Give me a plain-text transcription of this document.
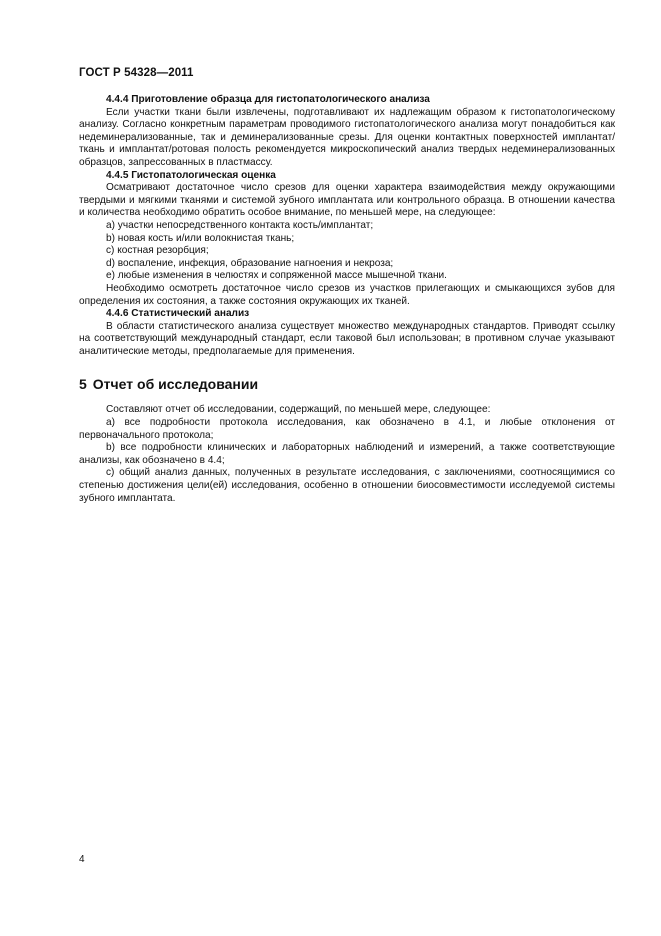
ГОСТ Р 54328—2011

4.4.4 Приготовление образца для гистопатологического анализа

Если участки ткани были извлечены, подготавливают их надлежащим образом к гистопатологическому анализу. Согласно конкретным параметрам проводимого гистопатологического анализа могут понадобиться как недеминерализованные, так и деминерализованные срезы. Для оценки контактных поверхностей имплантат/ткань и имплантат/ротовая полость рекомендуется микроскопический анализ твердых недеминерализованных образцов, запрессованных в пластмассу.

4.4.5 Гистопатологическая оценка

Осматривают достаточное число срезов для оценки характера взаимодействия между окружающими твердыми и мягкими тканями и системой зубного имплантата или контрольного образца. В отношении качества и количества необходимо обратить особое внимание, по меньшей мере, на следующее:

a) участки непосредственного контакта кость/имплантат;

b) новая кость и/или волокнистая ткань;

c) костная резорбция;

d) воспаление, инфекция, образование нагноения и некроза;

e) любые изменения в челюстях и сопряженной массе мышечной ткани.

Необходимо осмотреть достаточное число срезов из участков прилегающих и смыкающихся зубов для определения их состояния, а также состояния окружающих их тканей.

4.4.6 Статистический анализ

В области статистического анализа существует множество международных стандартов. Приводят ссылку на соответствующий международный стандарт, если таковой был использован; в противном случае указывают аналитические методы, предполагаемые для применения.

5 Отчет об исследовании

Составляют отчет об исследовании, содержащий, по меньшей мере, следующее:

a) все подробности протокола исследования, как обозначено в 4.1, и любые отклонения от первоначального протокола;

b) все подробности клинических и лабораторных наблюдений и измерений, а также соответствующие анализы, как обозначено в 4.4;

c) общий анализ данных, полученных в результате исследования, с заключениями, соотносящимися со степенью достижения цели(ей) исследования, особенно в отношении биосовместимости исследуемой системы зубного имплантата.

4
